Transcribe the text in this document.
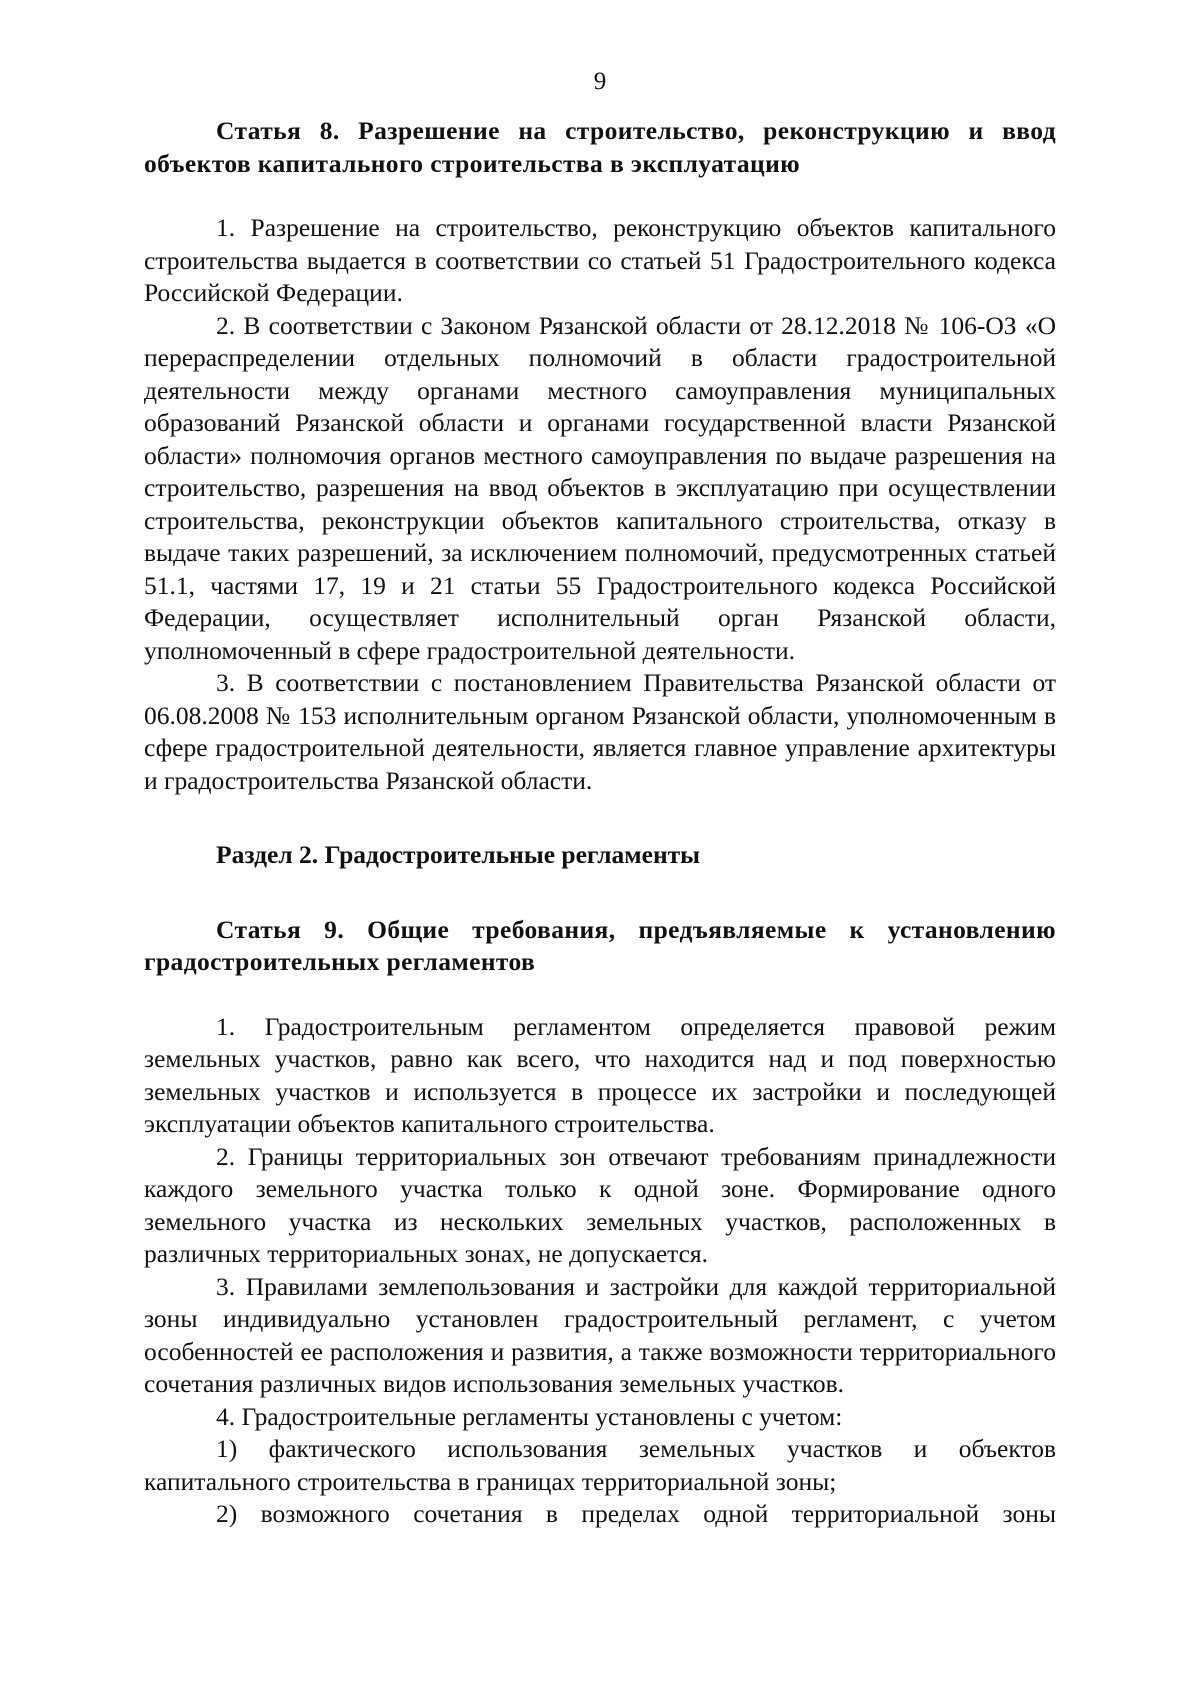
9

Статья 8. Разрешение на строительство, реконструкцию и ввод объектов капитального строительства в эксплуатацию

1. Разрешение на строительство, реконструкцию объектов капитального строительства выдается в соответствии со статьей 51 Градостроительного кодекса Российской Федерации.

2. В соответствии с Законом Рязанской области от 28.12.2018 № 106-ОЗ «О перераспределении отдельных полномочий в области градостроительной деятельности между органами местного самоуправления муниципальных образований Рязанской области и органами государственной власти Рязанской области» полномочия органов местного самоуправления по выдаче разрешения на строительство, разрешения на ввод объектов в эксплуатацию при осуществлении строительства, реконструкции объектов капитального строительства, отказу в выдаче таких разрешений, за исключением полномочий, предусмотренных статьей 51.1, частями 17, 19 и 21 статьи 55 Градостроительного кодекса Российской Федерации, осуществляет исполнительный орган Рязанской области, уполномоченный в сфере градостроительной деятельности.

3. В соответствии с постановлением Правительства Рязанской области от 06.08.2008 № 153 исполнительным органом Рязанской области, уполномоченным в сфере градостроительной деятельности, является главное управление архитектуры и градостроительства Рязанской области.

Раздел 2. Градостроительные регламенты

Статья 9. Общие требования, предъявляемые к установлению градостроительных регламентов

1. Градостроительным регламентом определяется правовой режим земельных участков, равно как всего, что находится над и под поверхностью земельных участков и используется в процессе их застройки и последующей эксплуатации объектов капитального строительства.

2. Границы территориальных зон отвечают требованиям принадлежности каждого земельного участка только к одной зоне. Формирование одного земельного участка из нескольких земельных участков, расположенных в различных территориальных зонах, не допускается.

3. Правилами землепользования и застройки для каждой территориальной зоны индивидуально установлен градостроительный регламент, с учетом особенностей ее расположения и развития, а также возможности территориального сочетания различных видов использования земельных участков.

4. Градостроительные регламенты установлены с учетом:

1) фактического использования земельных участков и объектов капитального строительства в границах территориальной зоны;

2) возможного сочетания в пределах одной территориальной зоны
